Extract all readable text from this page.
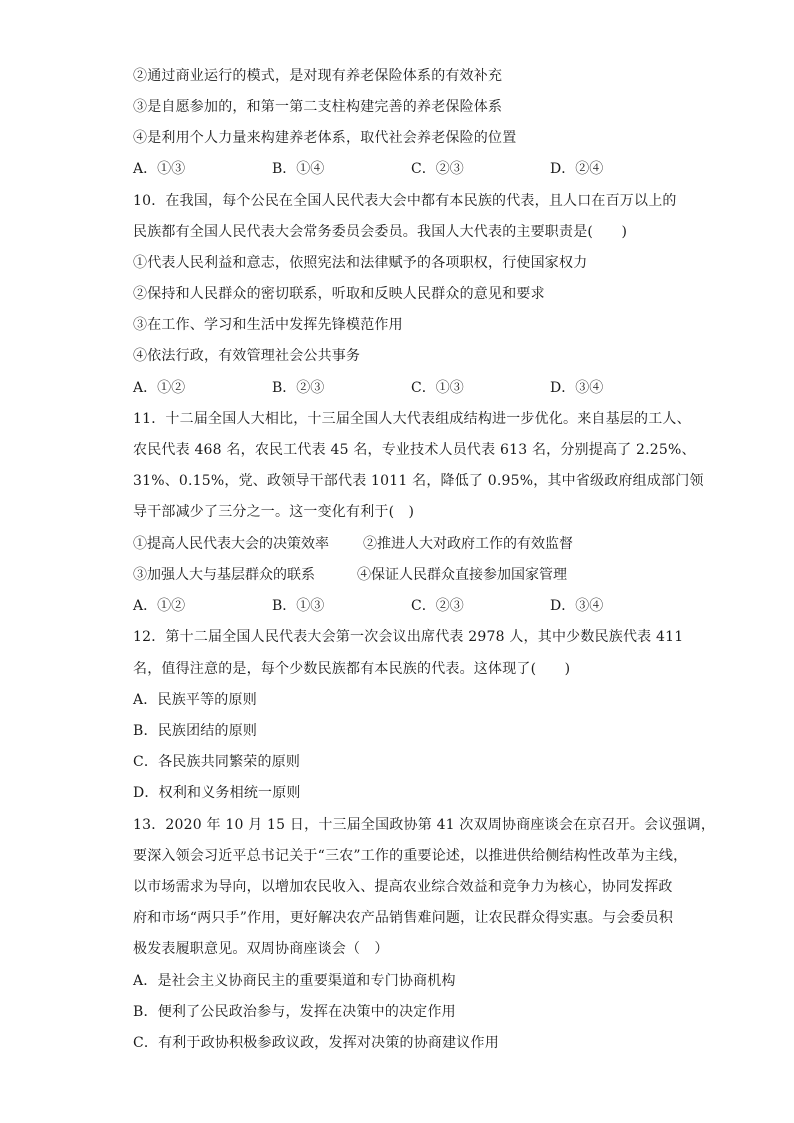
②通过商业运行的模式，是对现有养老保险体系的有效补充
③是自愿参加的，和第一第二支柱构建完善的养老保险体系
④是利用个人力量来构建养老体系，取代社会养老保险的位置
A．①③	B．①④	C．②③	D．②④
10．在我国，每个公民在全国人民代表大会中都有本民族的代表，且人口在百万以上的
民族都有全国人民代表大会常务委员会委员。我国人大代表的主要职责是(　　)
①代表人民利益和意志，依照宪法和法律赋予的各项职权，行使国家权力
②保持和人民群众的密切联系，听取和反映人民群众的意见和要求
③在工作、学习和生活中发挥先锋模范作用
④依法行政，有效管理社会公共事务
A．①②	B．②③	C．①③	D．③④
11．十二届全国人大相比，十三届全国人大代表组成结构进一步优化。来自基层的工人、
农民代表 468 名，农民工代表 45 名，专业技术人员代表 613 名，分别提高了 2.25%、
31%、0.15%，党、政领导干部代表 1011 名，降低了 0.95%，其中省级政府组成部门领
导干部减少了三分之一。这一变化有利于(　)
①提高人民代表大会的决策效率 ②推进人大对政府工作的有效监督
③加强人大与基层群众的联系	④保证人民群众直接参加国家管理
A．①②	B．①③	C．②③	D．③④
12．第十二届全国人民代表大会第一次会议出席代表 2978 人，其中少数民族代表 411
名，值得注意的是，每个少数民族都有本民族的代表。这体现了(　　)
A．民族平等的原则
B．民族团结的原则
C．各民族共同繁荣的原则
D．权利和义务相统一原则
13．2020 年 10 月 15 日，十三届全国政协第 41 次双周协商座谈会在京召开。会议强调，
要深入领会习近平总书记关于“三农”工作的重要论述，以推进供给侧结构性改革为主线，
以市场需求为导向，以增加农民收入、提高农业综合效益和竞争力为核心，协同发挥政
府和市场“两只手”作用，更好解决农产品销售难问题，让农民群众得实惠。与会委员积
极发表履职意见。双周协商座谈会（　）
A．是社会主义协商民主的重要渠道和专门协商机构
B．便利了公民政治参与，发挥在决策中的决定作用
C．有利于政协积极参政议政，发挥对决策的协商建议作用
